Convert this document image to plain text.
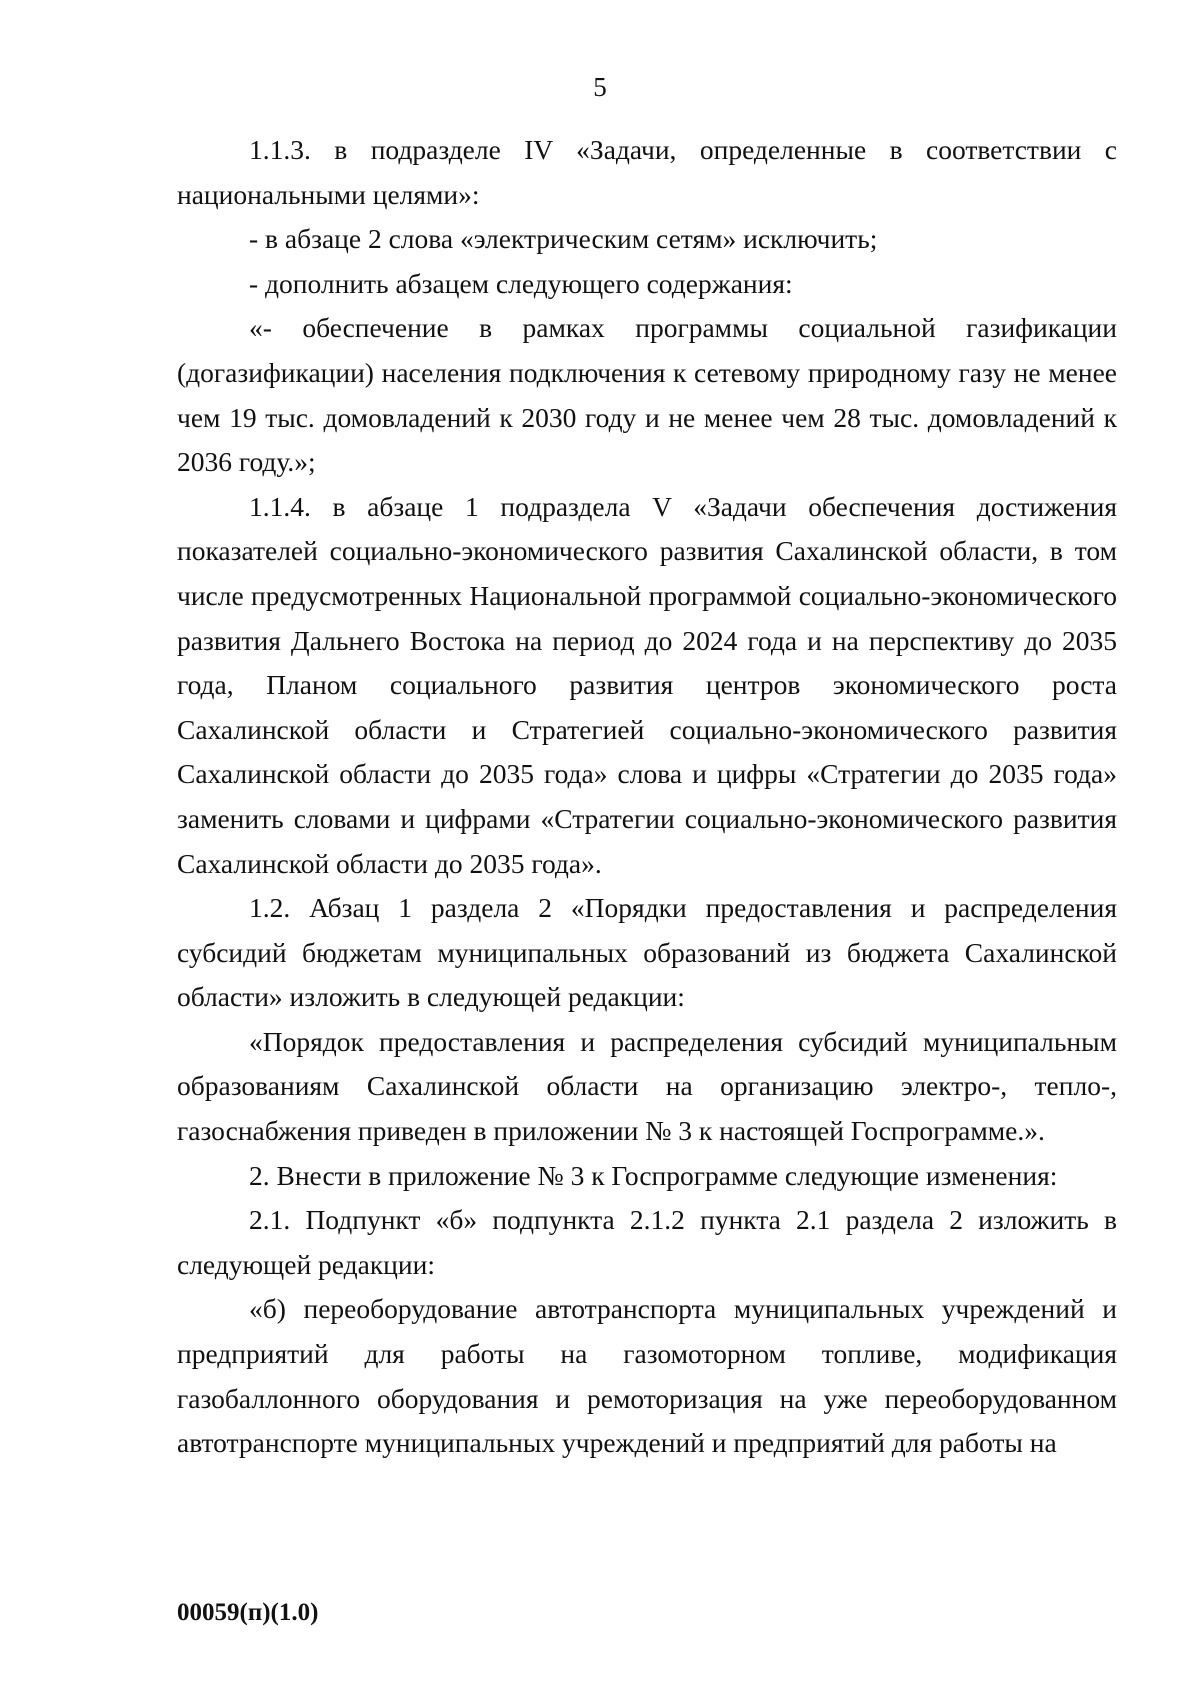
5

1.1.3. в подразделе IV «Задачи, определенные в соответствии с национальными целями»:

- в абзаце 2 слова «электрическим сетям» исключить;

- дополнить абзацем следующего содержания:

«- обеспечение в рамках программы социальной газификации (догазификации) населения подключения к сетевому природному газу не менее чем 19 тыс. домовладений к 2030 году и не менее чем 28 тыс. домовладений к 2036 году.»;

1.1.4. в абзаце 1 подраздела V «Задачи обеспечения достижения показателей социально-экономического развития Сахалинской области, в том числе предусмотренных Национальной программой социально-экономического развития Дальнего Востока на период до 2024 года и на перспективу до 2035 года, Планом социального развития центров экономического роста Сахалинской области и Стратегией социально-экономического развития Сахалинской области до 2035 года» слова и цифры «Стратегии до 2035 года» заменить словами и цифрами «Стратегии социально-экономического развития Сахалинской области до 2035 года».

1.2. Абзац 1 раздела 2 «Порядки предоставления и распределения субсидий бюджетам муниципальных образований из бюджета Сахалинской области» изложить в следующей редакции:

«Порядок предоставления и распределения субсидий муниципальным образованиям Сахалинской области на организацию электро-, тепло-, газоснабжения приведен в приложении № 3 к настоящей Госпрограмме.».

2. Внести в приложение № 3 к Госпрограмме следующие изменения:

2.1. Подпункт «б» подпункта 2.1.2 пункта 2.1 раздела 2 изложить в следующей редакции:

«б) переоборудование автотранспорта муниципальных учреждений и предприятий для работы на газомоторном топливе, модификация газобаллонного оборудования и ремоторизация на уже переоборудованном автотранспорте муниципальных учреждений и предприятий для работы на

00059(п)(1.0)
